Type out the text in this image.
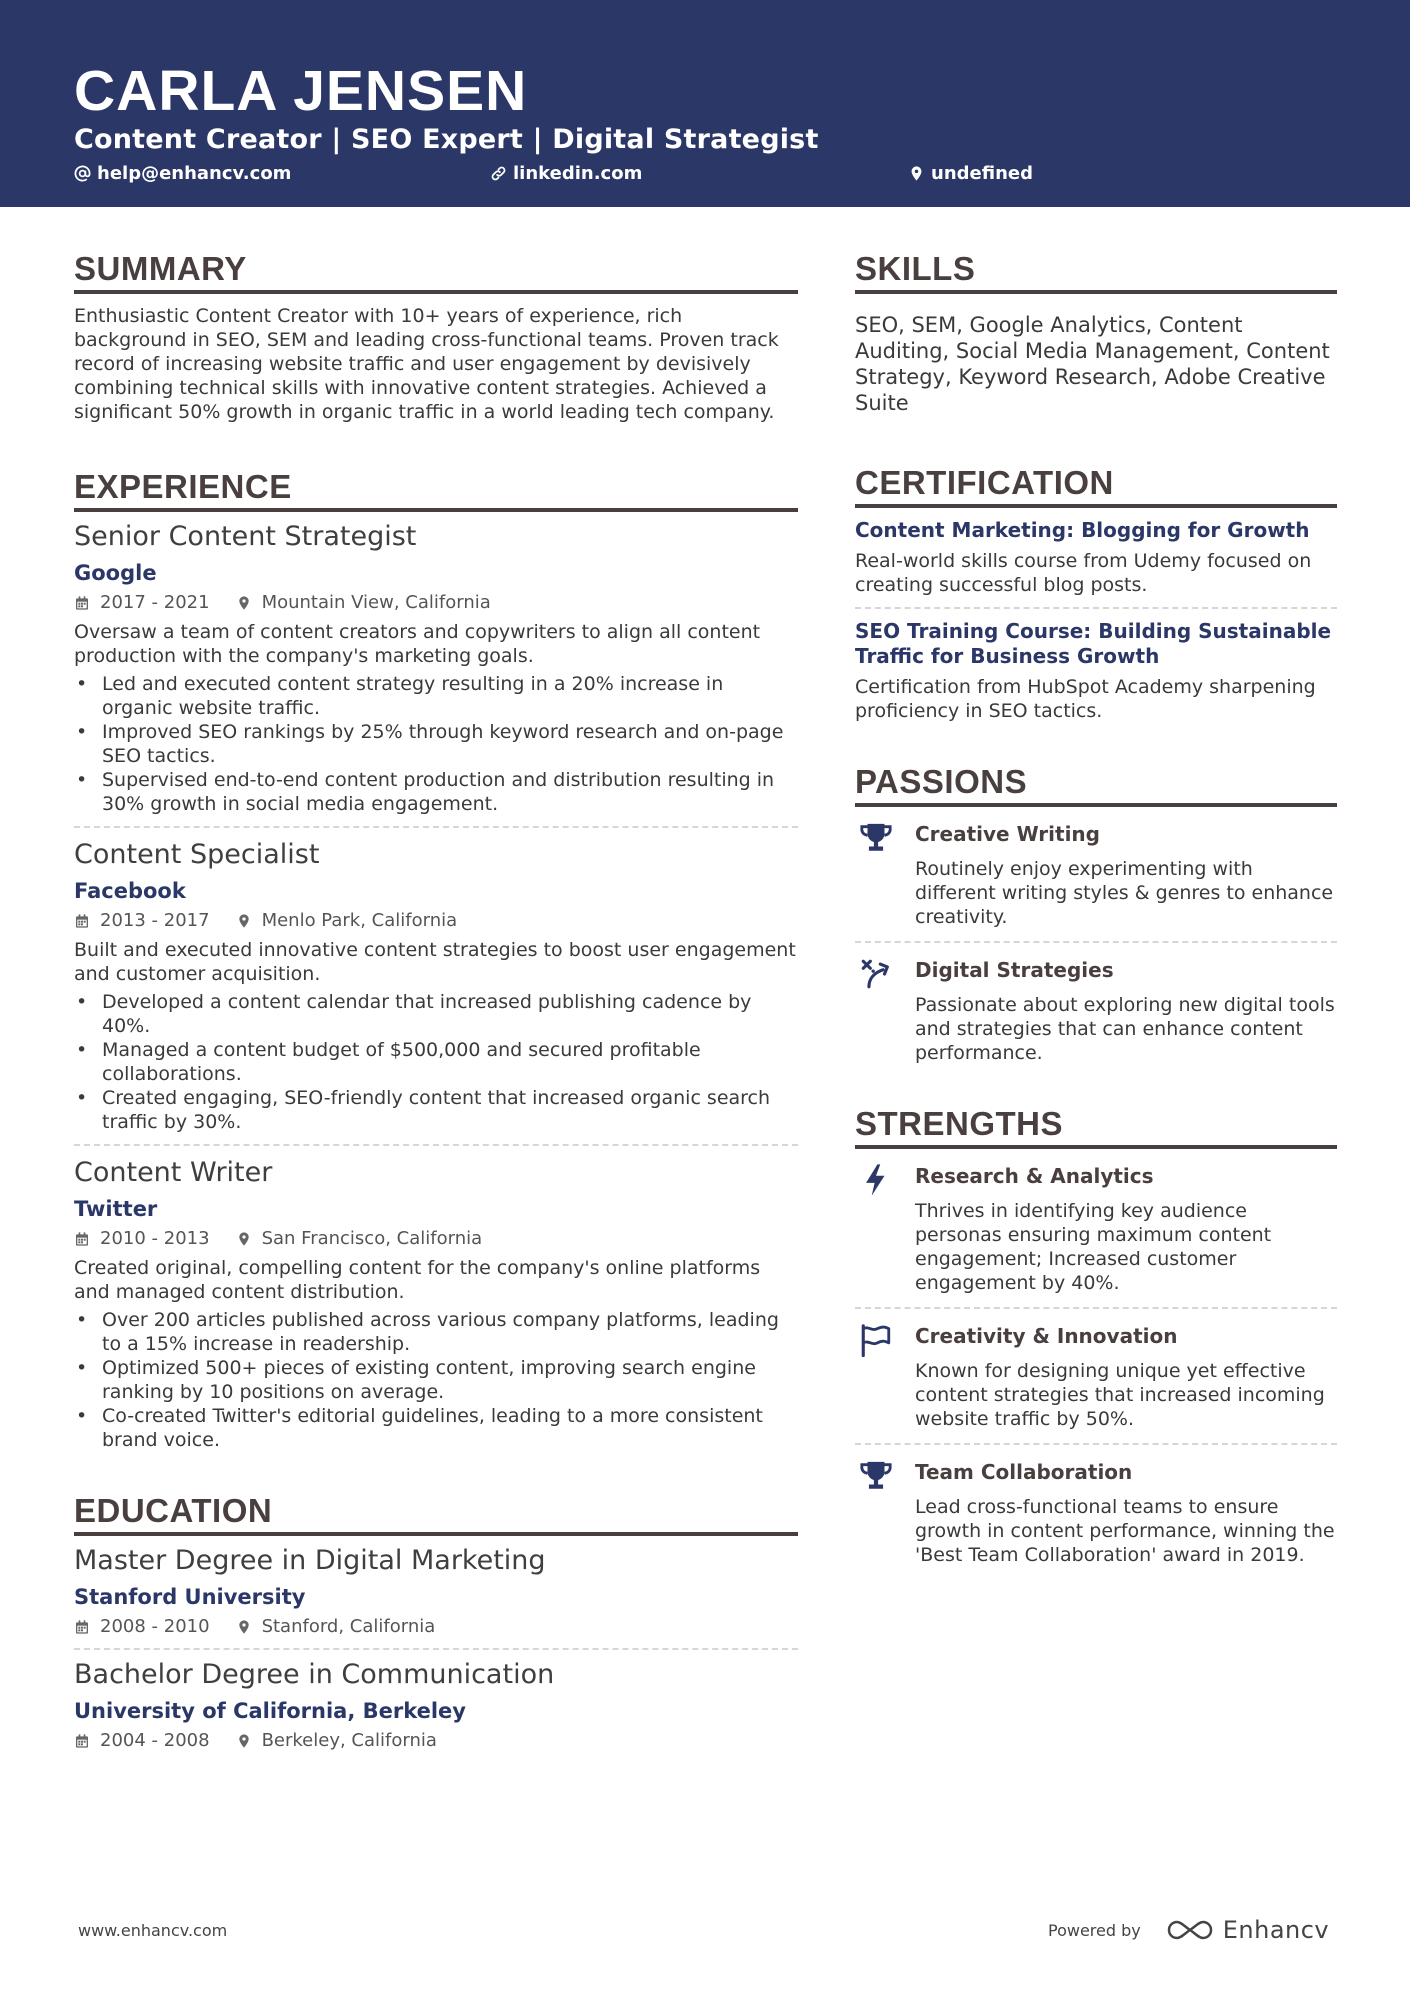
CARLA JENSEN
Content Creator | SEO Expert | Digital Strategist
help@enhancv.com	linkedin.com	undefined
SUMMARY
Enthusiastic Content Creator with 10+ years of experience, rich background in SEO, SEM and leading cross-functional teams. Proven track record of increasing website traffic and user engagement by devisively combining technical skills with innovative content strategies. Achieved a significant 50% growth in organic traffic in a world leading tech company.
EXPERIENCE
Senior Content Strategist
Google
2017 - 2021	Mountain View, California
Oversaw a team of content creators and copywriters to align all content production with the company's marketing goals.
• Led and executed content strategy resulting in a 20% increase in organic website traffic.
• Improved SEO rankings by 25% through keyword research and on-page SEO tactics.
• Supervised end-to-end content production and distribution resulting in 30% growth in social media engagement.
Content Specialist
Facebook
2013 - 2017	Menlo Park, California
Built and executed innovative content strategies to boost user engagement and customer acquisition.
• Developed a content calendar that increased publishing cadence by 40%.
• Managed a content budget of $500,000 and secured profitable collaborations.
• Created engaging, SEO-friendly content that increased organic search traffic by 30%.
Content Writer
Twitter
2010 - 2013	San Francisco, California
Created original, compelling content for the company's online platforms and managed content distribution.
• Over 200 articles published across various company platforms, leading to a 15% increase in readership.
• Optimized 500+ pieces of existing content, improving search engine ranking by 10 positions on average.
• Co-created Twitter's editorial guidelines, leading to a more consistent brand voice.
EDUCATION
Master Degree in Digital Marketing
Stanford University
2008 - 2010	Stanford, California
Bachelor Degree in Communication
University of California, Berkeley
2004 - 2008	Berkeley, California
SKILLS
SEO, SEM, Google Analytics, Content Auditing, Social Media Management, Content Strategy, Keyword Research, Adobe Creative Suite
CERTIFICATION
Content Marketing: Blogging for Growth
Real-world skills course from Udemy focused on creating successful blog posts.
SEO Training Course: Building Sustainable Traffic for Business Growth
Certification from HubSpot Academy sharpening proficiency in SEO tactics.
PASSIONS
Creative Writing
Routinely enjoy experimenting with different writing styles & genres to enhance creativity.
Digital Strategies
Passionate about exploring new digital tools and strategies that can enhance content performance.
STRENGTHS
Research & Analytics
Thrives in identifying key audience personas ensuring maximum content engagement; Increased customer engagement by 40%.
Creativity & Innovation
Known for designing unique yet effective content strategies that increased incoming website traffic by 50%.
Team Collaboration
Lead cross-functional teams to ensure growth in content performance, winning the 'Best Team Collaboration' award in 2019.
www.enhancv.com	Powered by	Enhancv
